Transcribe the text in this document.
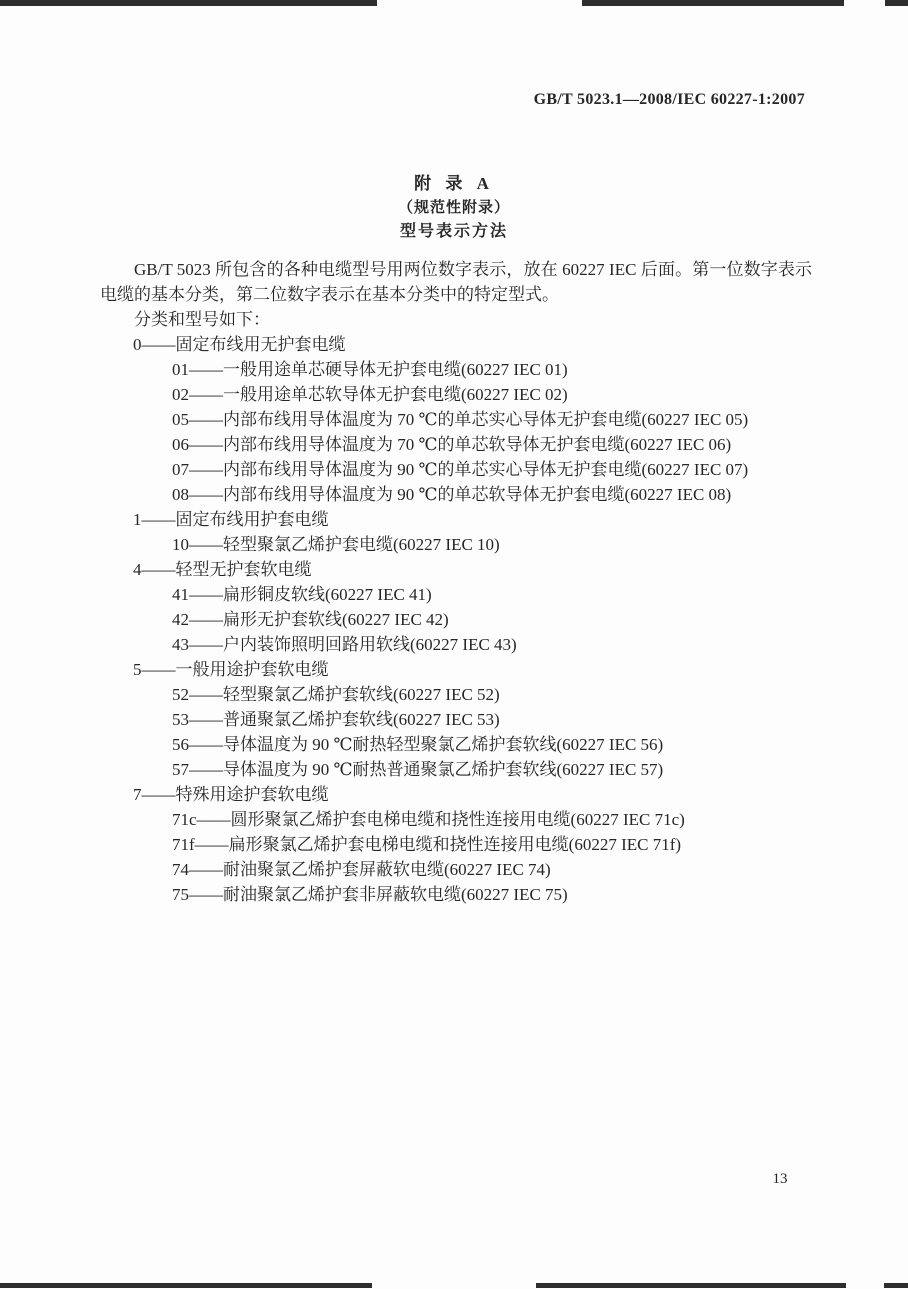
GB/T 5023.1—2008/IEC 60227-1:2007
附 录 A
（规范性附录）
型号表示方法

GB/T 5023 所包含的各种电缆型号用两位数字表示，放在 60227 IEC 后面。第一位数字表示电缆的基本分类，第二位数字表示在基本分类中的特定型式。

分类和型号如下：

0——固定布线用无护套电缆
01——一般用途单芯硬导体无护套电缆(60227 IEC 01)
02——一般用途单芯软导体无护套电缆(60227 IEC 02)
05——内部布线用导体温度为 70 ℃的单芯实心导体无护套电缆(60227 IEC 05)
06——内部布线用导体温度为 70 ℃的单芯软导体无护套电缆(60227 IEC 06)
07——内部布线用导体温度为 90 ℃的单芯实心导体无护套电缆(60227 IEC 07)
08——内部布线用导体温度为 90 ℃的单芯软导体无护套电缆(60227 IEC 08)
1——固定布线用护套电缆
10——轻型聚氯乙烯护套电缆(60227 IEC 10)
4——轻型无护套软电缆
41——扁形铜皮软线(60227 IEC 41)
42——扁形无护套软线(60227 IEC 42)
43——户内装饰照明回路用软线(60227 IEC 43)
5——一般用途护套软电缆
52——轻型聚氯乙烯护套软线(60227 IEC 52)
53——普通聚氯乙烯护套软线(60227 IEC 53)
56——导体温度为 90 ℃耐热轻型聚氯乙烯护套软线(60227 IEC 56)
57——导体温度为 90 ℃耐热普通聚氯乙烯护套软线(60227 IEC 57)
7——特殊用途护套软电缆
71c——圆形聚氯乙烯护套电梯电缆和挠性连接用电缆(60227 IEC 71c)
71f——扁形聚氯乙烯护套电梯电缆和挠性连接用电缆(60227 IEC 71f)
74——耐油聚氯乙烯护套屏蔽软电缆(60227 IEC 74)
75——耐油聚氯乙烯护套非屏蔽软电缆(60227 IEC 75)
13
